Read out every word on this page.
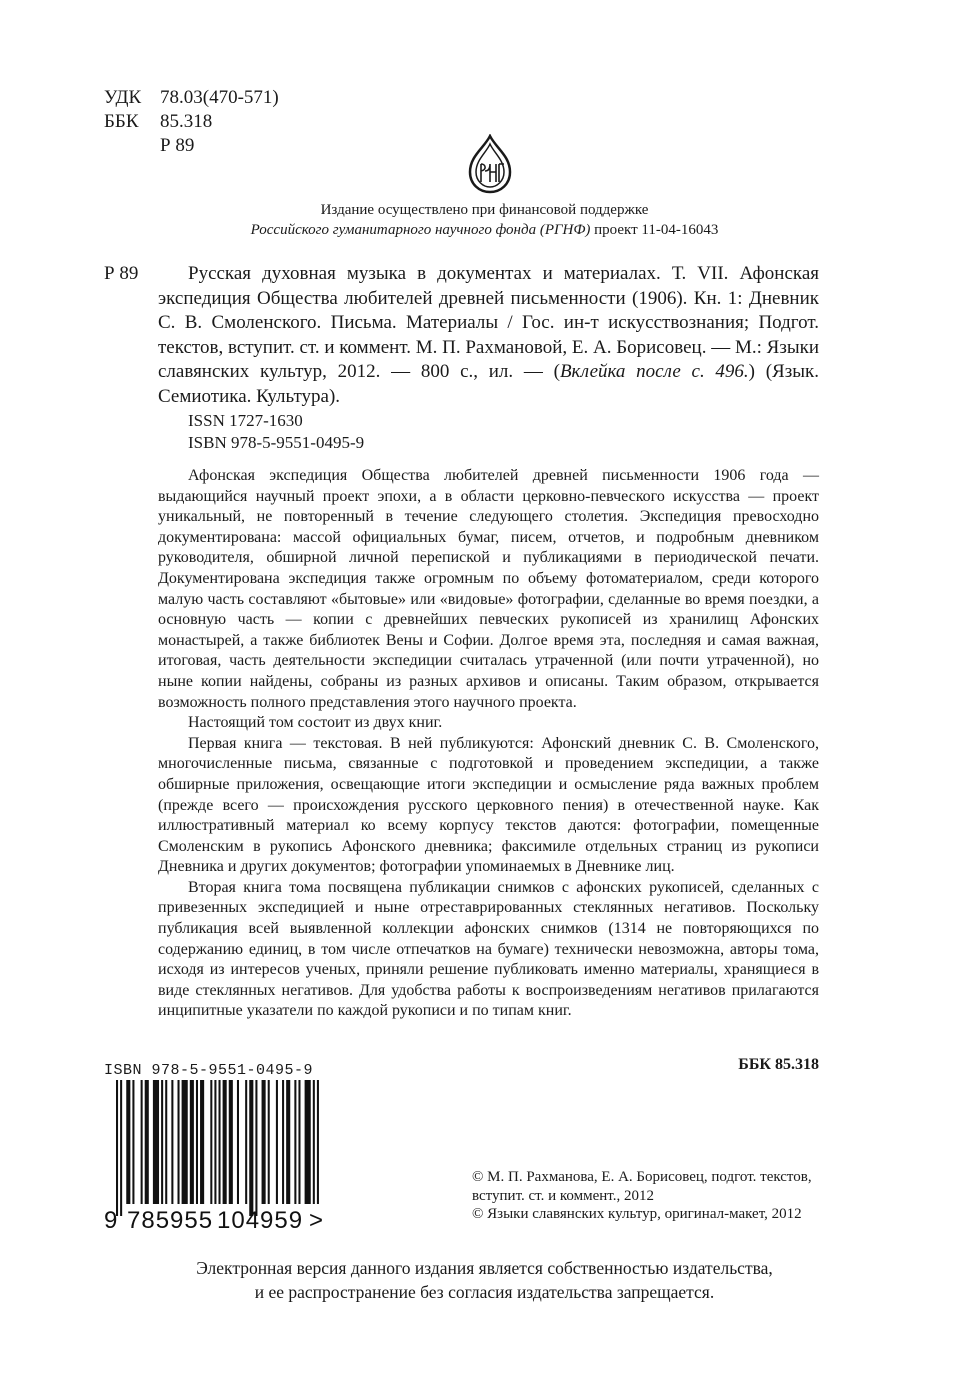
УДК 78.03(470-571)
ББК	85.318
Р 89
Издание осуществлено при финансовой поддержке
Российского гуманитарного научного фонда (РГНФ) проект 11-04-16043
Р 89	Русская духовная музыка в документах и материалах. Т. VII. Афонская экспедиция Общества любителей древней письменности (1906). Кн. 1: Дневник С. В. Смоленского. Письма. Материалы / Гос. ин-т искусствознания; Подгот. текстов, вступит. ст. и коммент. М. П. Рахмановой, Е. А. Борисовец. — М.: Языки славянских культур, 2012. — 800 с., ил. — (Вклейка после с. 496.) (Язык. Семиотика. Культура).
ISSN 1727-1630
ISBN 978-5-9551-0495-9

Афонская экспедиция Общества любителей древней письменности 1906 года — выдающийся научный проект эпохи, а в области церковно-певческого искусства — проект уникальный, не повторенный в течение следующего столетия. Экспедиция превосходно документирована: массой официальных бумаг, писем, отчетов, и подробным дневником руководителя, обширной личной перепиской и публикациями в периодической печати. Документирована экспедиция также огромным по объему фотоматериалом, среди которого малую часть составляют «бытовые» или «видовые» фотографии, сделанные во время поездки, а основную часть — копии с древнейших певческих рукописей из хранилищ Афонских монастырей, а также библиотек Вены и Софии. Долгое время эта, последняя и самая важная, итоговая, часть деятельности экспедиции считалась утраченной (или почти утраченной), но ныне копии найдены, собраны из разных архивов и описаны. Таким образом, открывается возможность полного представления этого научного проекта.

Настоящий том состоит из двух книг.

Первая книга — текстовая. В ней публикуются: Афонский дневник С. В. Смоленского, многочисленные письма, связанные с подготовкой и проведением экспедиции, а также обширные приложения, освещающие итоги экспедиции и осмысление ряда важных проблем (прежде всего — происхождения русского церковного пения) в отечественной науке. Как иллюстративный материал ко всему корпусу текстов даются: фотографии, помещенные Смоленским в рукопись Афонского дневника; факсимиле отдельных страниц из рукописи Дневника и других документов; фотографии упоминаемых в Дневнике лиц.

Вторая книга тома посвящена публикации снимков с афонских рукописей, сделанных с привезенных экспедицией и ныне отреставрированных стеклянных негативов. Поскольку публикация всей выявленной коллекции афонских снимков (1314 не повторяющихся по содержанию единиц, в том числе отпечатков на бумаге) технически невозможна, авторы тома, исходя из интересов ученых, приняли решение публиковать именно материалы, хранящиеся в виде стеклянных негативов. Для удобства работы к воспроизведениям негативов прилагаются инципитные указатели по каждой рукописи и по типам книг.

ББК 85.318
ISBN 978-5-9551-0495-9
9 785955 104959 >
© М. П. Рахманова, Е. А. Борисовец, подгот. текстов, вступит. ст. и коммент., 2012
© Языки славянских культур, оригинал-макет, 2012
Электронная версия данного издания является собственностью издательства,
и ее распространение без согласия издательства запрещается.
